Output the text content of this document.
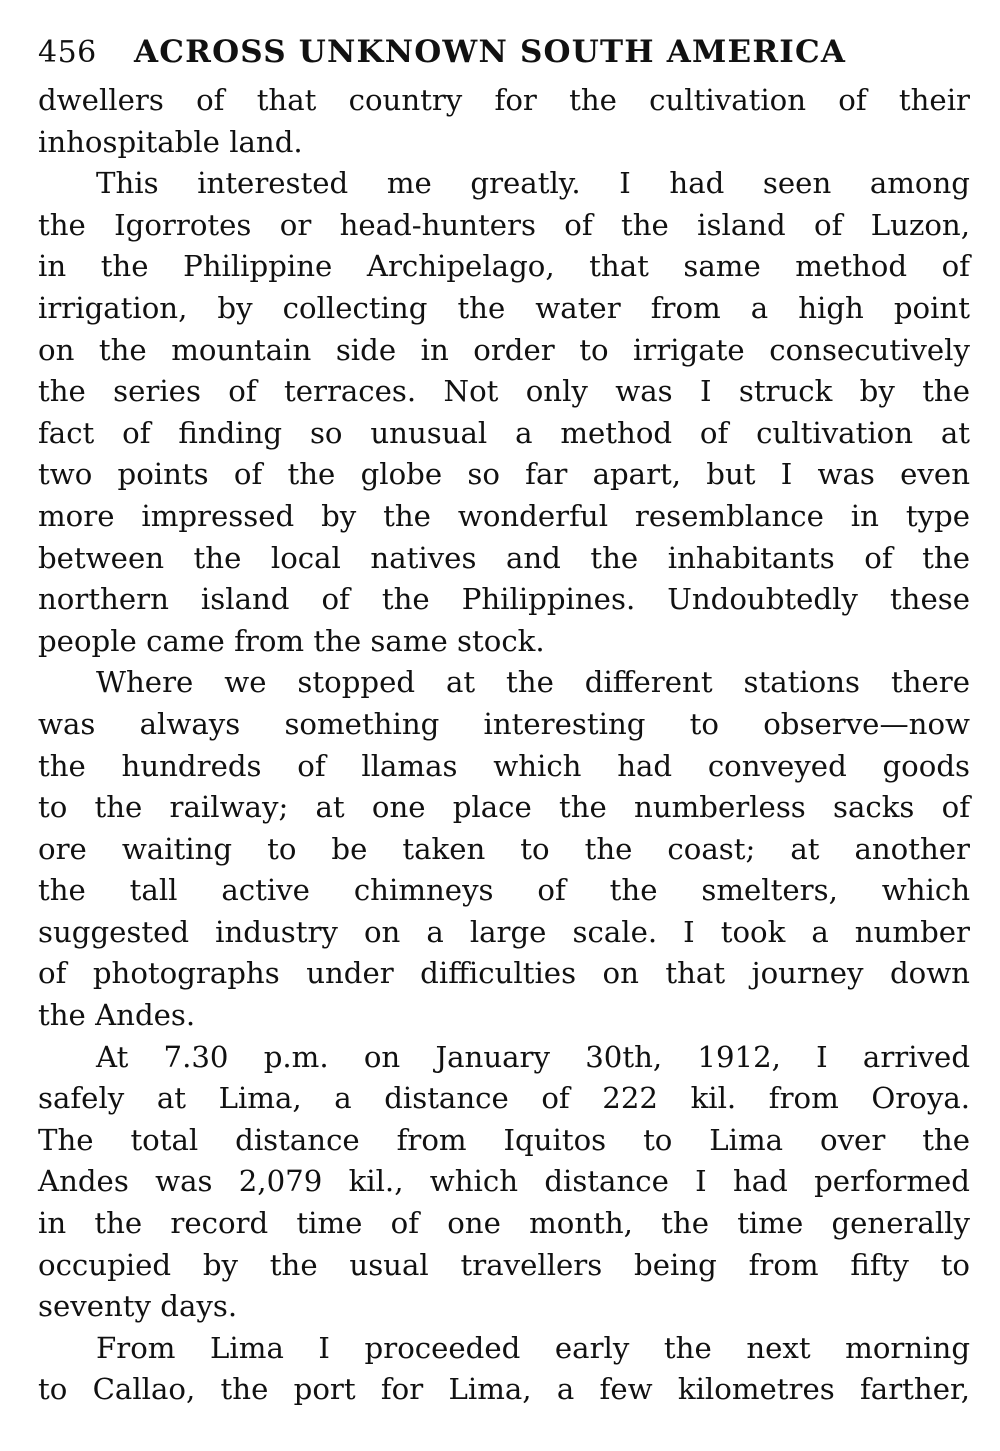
456	ACROSS UNKNOWN SOUTH AMERICA
dwellers of that country for the cultivation of their
inhospitable land.
This interested me greatly. I had seen among
the Igorrotes or head-hunters of the island of Luzon,
in the Philippine Archipelago, that same method of
irrigation, by collecting the water from a high point
on the mountain side in order to irrigate consecutively
the series of terraces. Not only was I struck by the
fact of finding so unusual a method of cultivation at
two points of the globe so far apart, but I was even
more impressed by the wonderful resemblance in type
between the local natives and the inhabitants of the
northern island of the Philippines. Undoubtedly these
people came from the same stock.
Where we stopped at the different stations there
was always something interesting to observe—now
the hundreds of llamas which had conveyed goods
to the railway; at one place the numberless sacks of
ore waiting to be taken to the coast; at another
the tall active chimneys of the smelters, which
suggested industry on a large scale. I took a number
of photographs under difficulties on that journey down
the Andes.
At 7.30 p.m. on January 30th, 1912, I arrived
safely at Lima, a distance of 222 kil. from Oroya.
The total distance from Iquitos to Lima over the
Andes was 2,079 kil., which distance I had performed
in the record time of one month, the time generally
occupied by the usual travellers being from fifty to
seventy days.
From Lima I proceeded early the next morning
to Callao, the port for Lima, a few kilometres farther,
